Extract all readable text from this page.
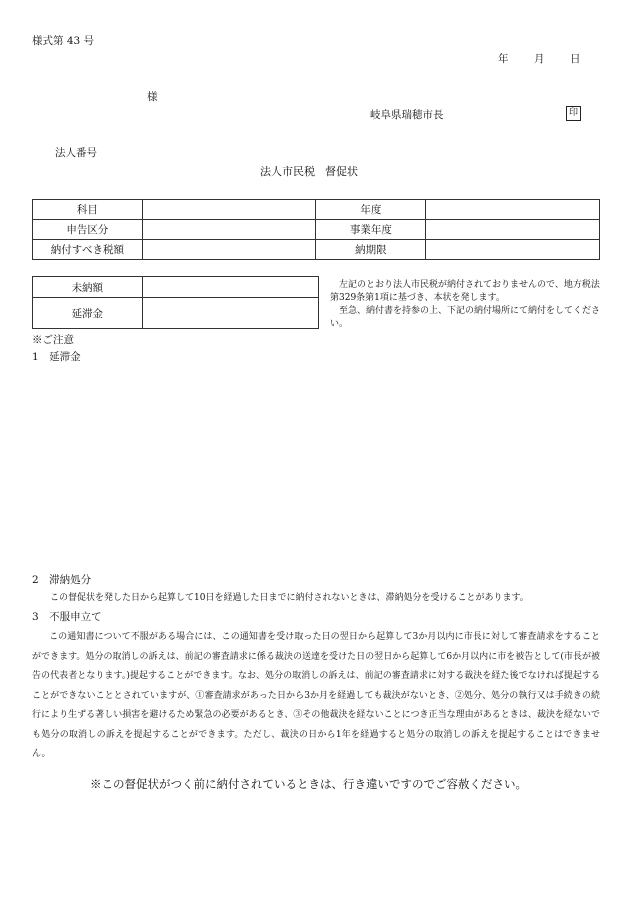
様式第 43 号
年 月 日
様
岐阜県瑞穂市長	印
法人番号
法人市民税 督促状
科目		年度	
申告区分		事業年度	
納付すべき税額		納期限	
未納額	
延滞金	

左記のとおり法人市民税が納付されておりませんので、地方税法第329条第1項に基づき、本状を発します。

至急、納付書を持参の上、下記の納付場所にて納付をしてください。

※ご注意
1　延滞金
2　滞納処分
この督促状を発した日から起算して10日を経過した日までに納付されないときは、滞納処分を受けることがあります。
3　不服申立て
この通知書について不服がある場合には、この通知書を受け取った日の翌日から起算して3か月以内に市長に対して審査請求をすることができます。処分の取消しの訴えは、前記の審査請求に係る裁決の送達を受けた日の翌日から起算して6か月以内に市を被告として(市長が被告の代表者となります。)提起することができます。なお、処分の取消しの訴えは、前記の審査請求に対する裁決を経た後でなければ提起することができないこととされていますが、①審査請求があった日から3か月を経過しても裁決がないとき、②処分、処分の執行又は手続きの続行により生ずる著しい損害を避けるため緊急の必要があるとき、③その他裁決を経ないことにつき正当な理由があるときは、裁決を経ないでも処分の取消しの訴えを提起することができます。ただし、裁決の日から1年を経過すると処分の取消しの訴えを提起することはできません。
※この督促状がつく前に納付されているときは、行き違いですのでご容赦ください。
